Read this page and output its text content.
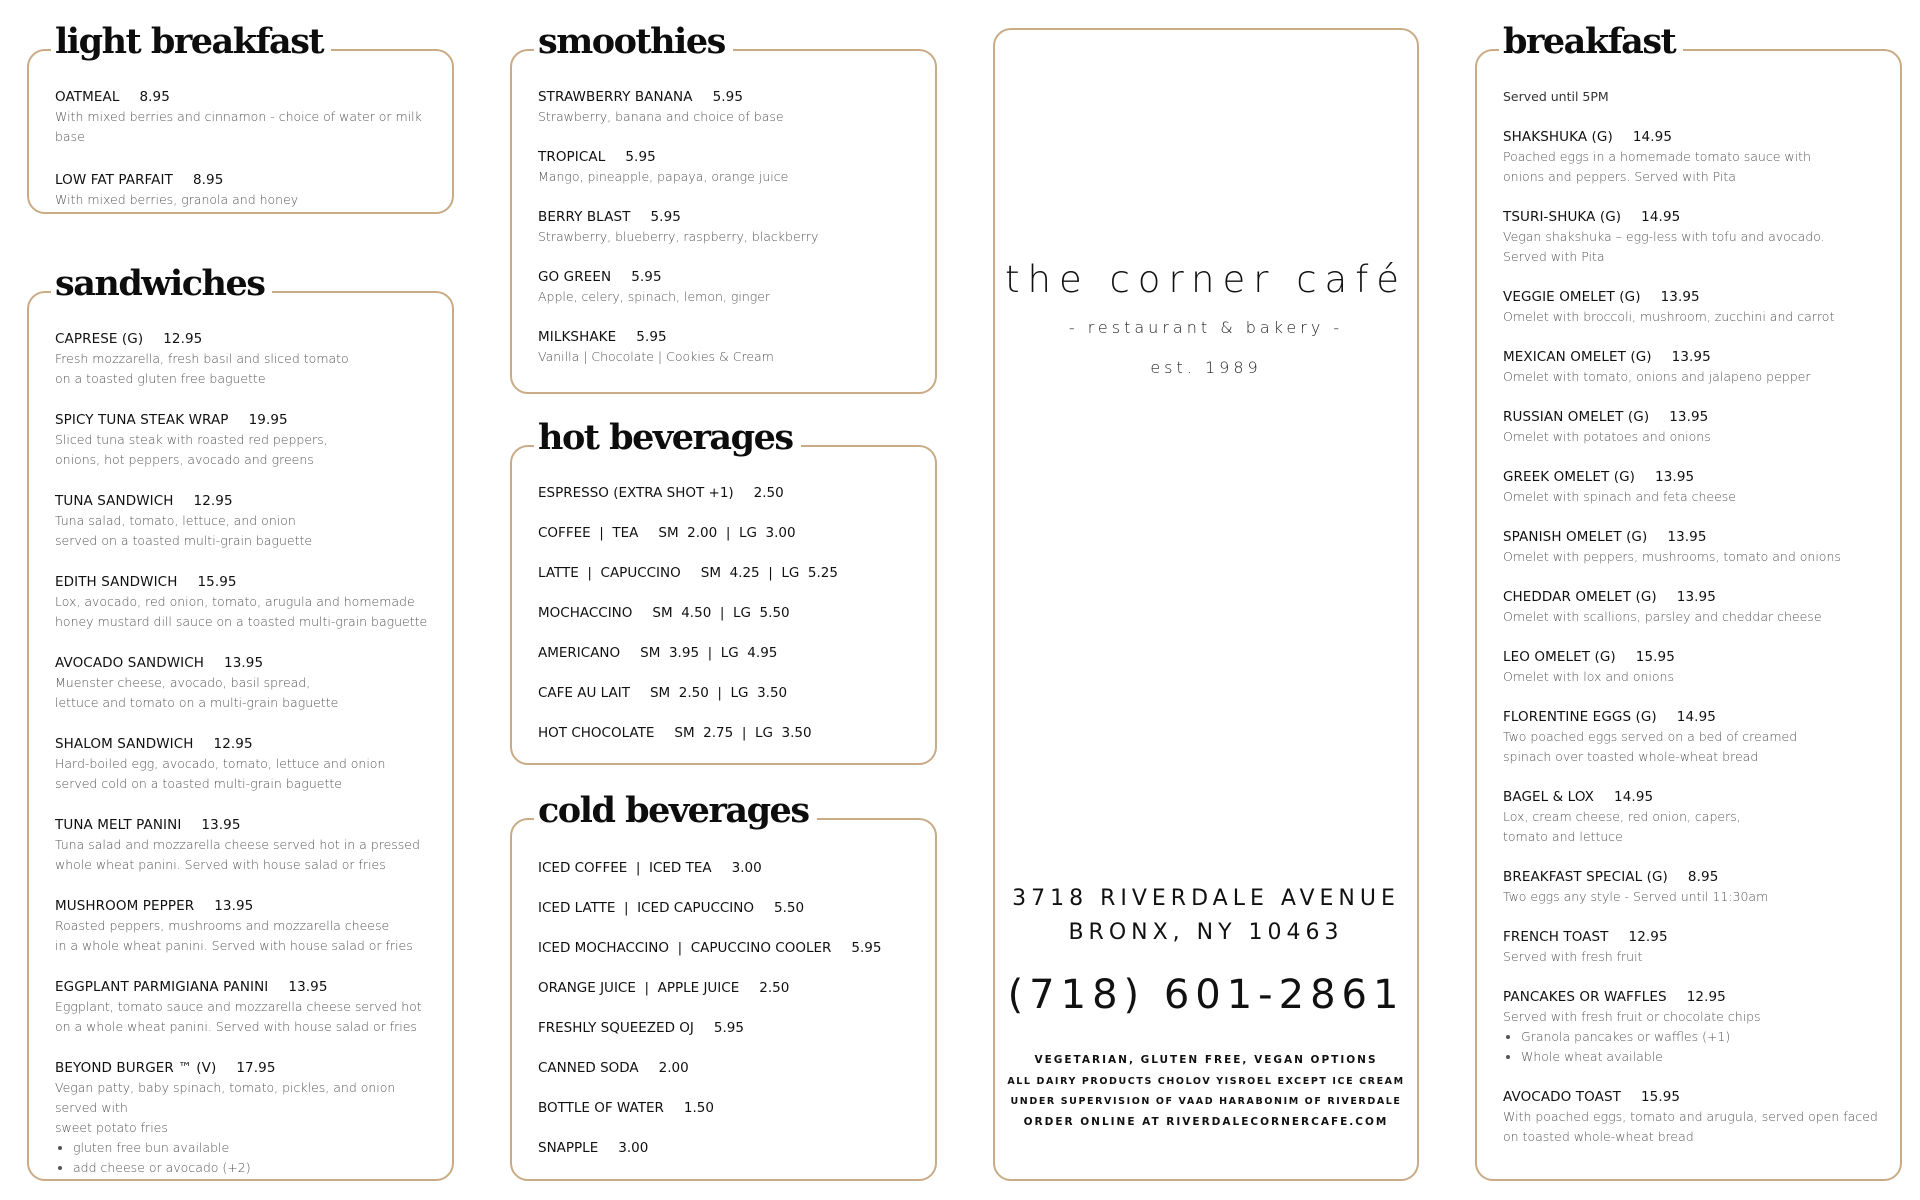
light breakfast
OATMEAL 8.95
With mixed berries and cinnamon - choice of water or milk base
LOW FAT PARFAIT 8.95
With mixed berries, granola and honey
sandwiches
CAPRESE (G) 12.95
Fresh mozzarella, fresh basil and sliced tomato
on a toasted gluten free baguette
SPICY TUNA STEAK WRAP 19.95
Sliced tuna steak with roasted red peppers,
onions, hot peppers, avocado and greens
TUNA SANDWICH 12.95
Tuna salad, tomato, lettuce, and onion
served on a toasted multi-grain baguette
EDITH SANDWICH 15.95
Lox, avocado, red onion, tomato, arugula and homemade
honey mustard dill sauce on a toasted multi-grain baguette
AVOCADO SANDWICH 13.95
Muenster cheese, avocado, basil spread,
lettuce and tomato on a multi-grain baguette
SHALOM SANDWICH 12.95
Hard-boiled egg, avocado, tomato, lettuce and onion
served cold on a toasted multi-grain baguette
TUNA MELT PANINI 13.95
Tuna salad and mozzarella cheese served hot in a pressed
whole wheat panini. Served with house salad or fries
MUSHROOM PEPPER 13.95
Roasted peppers, mushrooms and mozzarella cheese
in a whole wheat panini. Served with house salad or fries
EGGPLANT PARMIGIANA PANINI 13.95
Eggplant, tomato sauce and mozzarella cheese served hot
on a whole wheat panini. Served with house salad or fries
BEYOND BURGER ™ (V) 17.95
Vegan patty, baby spinach, tomato, pickles, and onion served with
sweet potato fries
• gluten free bun available
• add cheese or avocado (+2)
smoothies
STRAWBERRY BANANA 5.95
Strawberry, banana and choice of base
TROPICAL 5.95
Mango, pineapple, papaya, orange juice
BERRY BLAST 5.95
Strawberry, blueberry, raspberry, blackberry
GO GREEN 5.95
Apple, celery, spinach, lemon, ginger
MILKSHAKE 5.95
Vanilla | Chocolate | Cookies & Cream
hot beverages
ESPRESSO (EXTRA SHOT +1) 2.50
COFFEE  |  TEA SM  2.00  |  LG  3.00
LATTE  |  CAPUCCINO SM  4.25  |  LG  5.25
MOCHACCINO SM  4.50  |  LG  5.50
AMERICANO SM  3.95  |  LG  4.95
CAFE AU LAIT SM  2.50  |  LG  3.50
HOT CHOCOLATE SM  2.75  |  LG  3.50
cold beverages
ICED COFFEE  |  ICED TEA 3.00
ICED LATTE  |  ICED CAPUCCINO 5.50
ICED MOCHACCINO  |  CAPUCCINO COOLER 5.95
ORANGE JUICE  |  APPLE JUICE 2.50
FRESHLY SQUEEZED OJ 5.95
CANNED SODA 2.00
BOTTLE OF WATER 1.50
SNAPPLE 3.00
the corner café
- restaurant & bakery -
est. 1989
3718 RIVERDALE AVENUE
BRONX, NY 10463
(718) 601-2861
VEGETARIAN, GLUTEN FREE, VEGAN OPTIONS
ALL DAIRY PRODUCTS CHOLOV YISROEL EXCEPT ICE CREAM
UNDER SUPERVISION OF VAAD HARABONIM OF RIVERDALE
ORDER ONLINE AT RIVERDALECORNERCAFE.COM
breakfast
Served until 5PM
SHAKSHUKA (G) 14.95
Poached eggs in a homemade tomato sauce with
onions and peppers. Served with Pita
TSURI-SHUKA (G) 14.95
Vegan shakshuka – egg-less with tofu and avocado.
Served with Pita
VEGGIE OMELET (G) 13.95
Omelet with broccoli, mushroom, zucchini and carrot
MEXICAN OMELET (G) 13.95
Omelet with tomato, onions and jalapeno pepper
RUSSIAN OMELET (G) 13.95
Omelet with potatoes and onions
GREEK OMELET (G) 13.95
Omelet with spinach and feta cheese
SPANISH OMELET (G) 13.95
Omelet with peppers, mushrooms, tomato and onions
CHEDDAR OMELET (G) 13.95
Omelet with scallions, parsley and cheddar cheese
LEO OMELET (G) 15.95
Omelet with lox and onions
FLORENTINE EGGS (G) 14.95
Two poached eggs served on a bed of creamed
spinach over toasted whole-wheat bread
BAGEL & LOX 14.95
Lox, cream cheese, red onion, capers,
tomato and lettuce
BREAKFAST SPECIAL (G) 8.95
Two eggs any style - Served until 11:30am
FRENCH TOAST 12.95
Served with fresh fruit
PANCAKES OR WAFFLES 12.95
Served with fresh fruit or chocolate chips
• Granola pancakes or waffles (+1)
• Whole wheat available
AVOCADO TOAST 15.95
With poached eggs, tomato and arugula, served open faced
on toasted whole-wheat bread
